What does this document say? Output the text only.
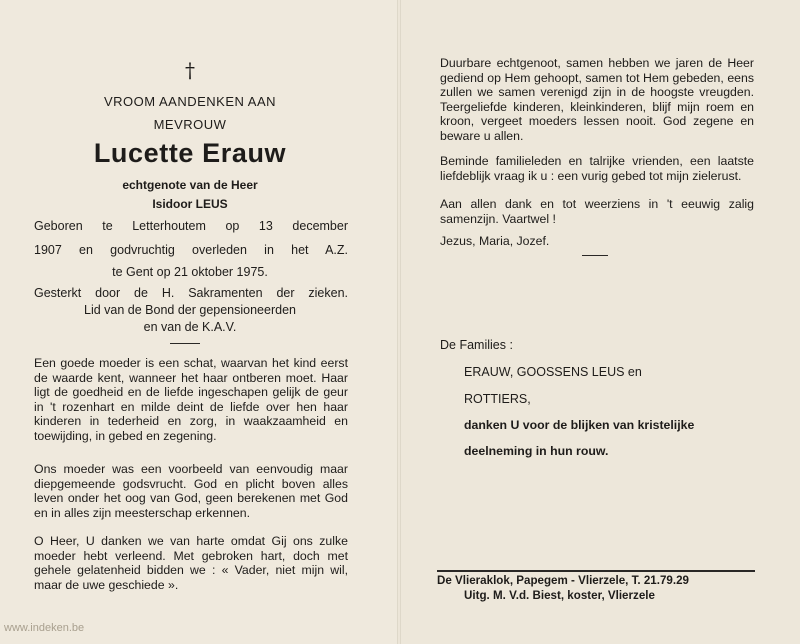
†
VROOM AANDENKEN AAN
MEVROUW
Lucette Erauw
echtgenote van de Heer
Isidoor LEUS
Geboren te Letterhoutem op 13 december
1907 en godvruchtig overleden in het A.Z.
te Gent op 21 oktober 1975.
Gesterkt door de H. Sakramenten der zieken.
Lid van de Bond der gepensioneerden
en van de K.A.V.
Een goede moeder is een schat, waarvan het kind eerst de waarde kent, wanneer het haar ontberen moet. Haar ligt de goedheid en de liefde ingeschapen gelijk de geur in 't rozenhart en milde deint de liefde over hen haar kinderen in tederheid en zorg, in waakzaamheid en toewijding, in gebed en zegening.
Ons moeder was een voorbeeld van eenvoudig maar diepgemeende godsvrucht. God en plicht boven alles leven onder het oog van God, geen berekenen met God en in alles zijn meesterschap erkennen.
O Heer, U danken we van harte omdat Gij ons zulke moeder hebt verleend. Met gebroken hart, doch met gehele gelatenheid bidden we : « Vader, niet mijn wil, maar de uwe geschiede ».
Duurbare echtgenoot, samen hebben we jaren de Heer gediend op Hem gehoopt, samen tot Hem gebeden, eens zullen we samen verenigd zijn in de hoogste vreugden. Teergeliefde kinderen, kleinkinderen, blijf mijn roem en kroon, vergeet moeders lessen nooit. God zegene en beware u allen.
Beminde familieleden en talrijke vrienden, een laatste liefdeblijk vraag ik u : een vurig gebed tot mijn zielerust.
Aan allen dank en tot weerziens in 't eeuwig zalig samenzijn. Vaartwel !
Jezus, Maria, Jozef.
De Families :
ERAUW, GOOSSENS LEUS en
ROTTIERS,
danken U voor de blijken van kristelijke
deelneming in hun rouw.
De Vlieraklok, Papegem - Vlierzele, T. 21.79.29
Uitg. M. V.d. Biest, koster, Vlierzele
www.indeken.be
